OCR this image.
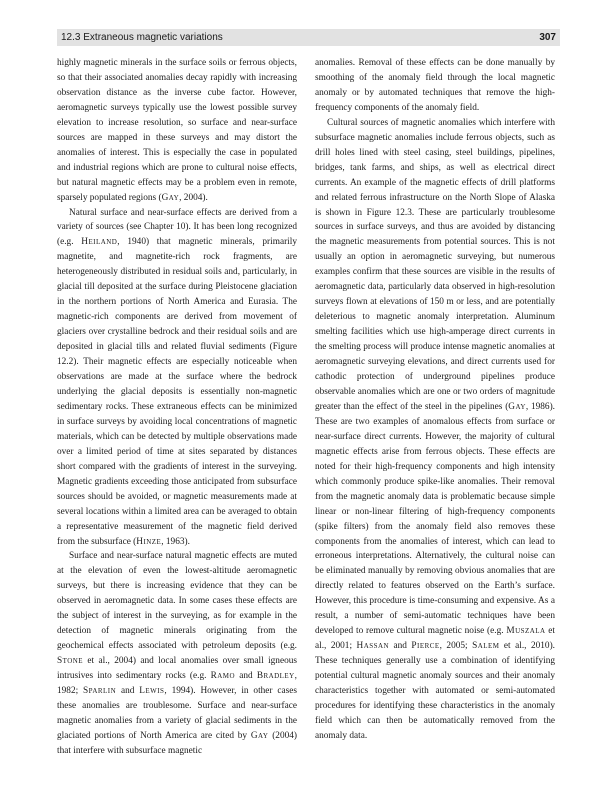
12.3 Extraneous magnetic variations	307

highly magnetic minerals in the surface soils or ferrous objects, so that their associated anomalies decay rapidly with increasing observation distance as the inverse cube factor. However, aeromagnetic surveys typically use the lowest possible survey elevation to increase resolution, so surface and near-surface sources are mapped in these surveys and may distort the anomalies of interest. This is especially the case in populated and industrial regions which are prone to cultural noise effects, but natural magnetic effects may be a problem even in remote, sparsely populated regions (Gay, 2004).

Natural surface and near-surface effects are derived from a variety of sources (see Chapter 10). It has been long recognized (e.g. Heiland, 1940) that magnetic minerals, primarily magnetite, and magnetite-rich rock fragments, are heterogeneously distributed in residual soils and, particularly, in glacial till deposited at the surface during Pleistocene glaciation in the northern portions of North America and Eurasia. The magnetic-rich components are derived from movement of glaciers over crystalline bedrock and their residual soils and are deposited in glacial tills and related fluvial sediments (Figure 12.2). Their magnetic effects are especially noticeable when observations are made at the surface where the bedrock underlying the glacial deposits is essentially non-magnetic sedimentary rocks. These extraneous effects can be minimized in surface surveys by avoiding local concentrations of magnetic materials, which can be detected by multiple observations made over a limited period of time at sites separated by distances short compared with the gradients of interest in the surveying. Magnetic gradients exceeding those anticipated from subsurface sources should be avoided, or magnetic measurements made at several locations within a limited area can be averaged to obtain a representative measurement of the magnetic field derived from the subsurface (Hinze, 1963).

Surface and near-surface natural magnetic effects are muted at the elevation of even the lowest-altitude aeromagnetic surveys, but there is increasing evidence that they can be observed in aeromagnetic data. In some cases these effects are the subject of interest in the surveying, as for example in the detection of magnetic minerals originating from the geochemical effects associated with petroleum deposits (e.g. Stone et al., 2004) and local anomalies over small igneous intrusives into sedimentary rocks (e.g. Ramo and Bradley, 1982; Sparlin and Lewis, 1994). However, in other cases these anomalies are troublesome. Surface and near-surface magnetic anomalies from a variety of glacial sediments in the glaciated portions of North America are cited by Gay (2004) that interfere with subsurface magnetic

anomalies. Removal of these effects can be done manually by smoothing of the anomaly field through the local magnetic anomaly or by automated techniques that remove the high-frequency components of the anomaly field.

Cultural sources of magnetic anomalies which interfere with subsurface magnetic anomalies include ferrous objects, such as drill holes lined with steel casing, steel buildings, pipelines, bridges, tank farms, and ships, as well as electrical direct currents. An example of the magnetic effects of drill platforms and related ferrous infrastructure on the North Slope of Alaska is shown in Figure 12.3. These are particularly troublesome sources in surface surveys, and thus are avoided by distancing the magnetic measurements from potential sources. This is not usually an option in aeromagnetic surveying, but numerous examples confirm that these sources are visible in the results of aeromagnetic data, particularly data observed in high-resolution surveys flown at elevations of 150 m or less, and are potentially deleterious to magnetic anomaly interpretation. Aluminum smelting facilities which use high-amperage direct currents in the smelting process will produce intense magnetic anomalies at aeromagnetic surveying elevations, and direct currents used for cathodic protection of underground pipelines produce observable anomalies which are one or two orders of magnitude greater than the effect of the steel in the pipelines (Gay, 1986). These are two examples of anomalous effects from surface or near-surface direct currents. However, the majority of cultural magnetic effects arise from ferrous objects. These effects are noted for their high-frequency components and high intensity which commonly produce spike-like anomalies. Their removal from the magnetic anomaly data is problematic because simple linear or non-linear filtering of high-frequency components (spike filters) from the anomaly field also removes these components from the anomalies of interest, which can lead to erroneous interpretations. Alternatively, the cultural noise can be eliminated manually by removing obvious anomalies that are directly related to features observed on the Earth’s surface. However, this procedure is time-consuming and expensive. As a result, a number of semi-automatic techniques have been developed to remove cultural magnetic noise (e.g. Muszala et al., 2001; Hassan and Pierce, 2005; Salem et al., 2010). These techniques generally use a combination of identifying potential cultural magnetic anomaly sources and their anomaly characteristics together with automated or semi-automated procedures for identifying these characteristics in the anomaly field which can then be automatically removed from the anomaly data.
